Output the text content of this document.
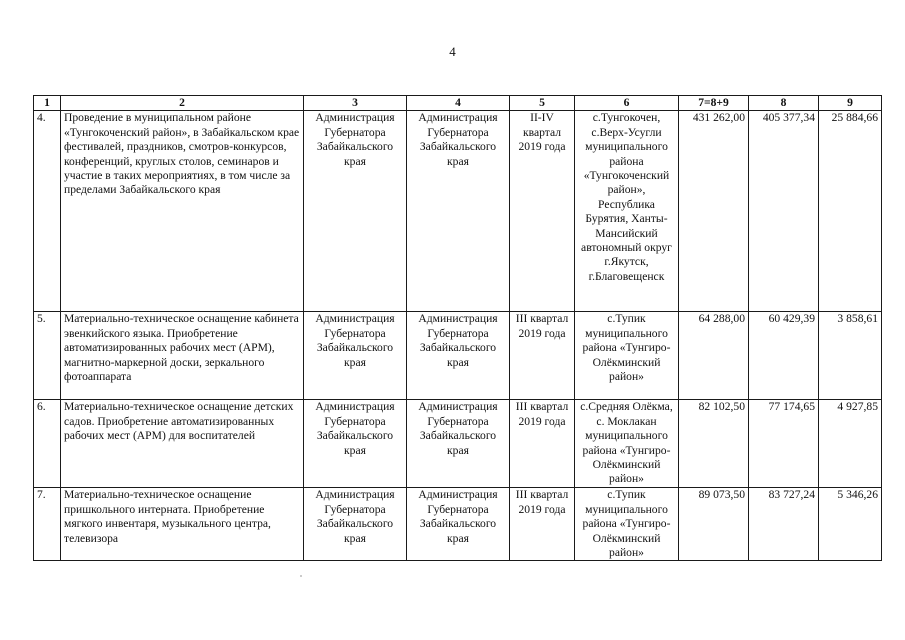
4
1	2	3	4	5	6	7=8+9	8	9
4.	Проведение в муниципальном районе «Тунгокоченский район», в Забайкальском крае фестивалей, праздников, смотров-конкурсов, конференций, круглых столов, семинаров и участие в таких мероприятиях, в том числе за пределами Забайкальского края	Администрация Губернатора Забайкальского края	Администрация Губернатора Забайкальского края	II-IV квартал 2019 года	с.Тунгокочен, с.Верх-Усугли муниципального района «Тунгокоченский район», Республика Бурятия, Ханты-Мансийский автономный округ г.Якутск, г.Благовещенск	431 262,00	405 377,34	25 884,66
5.	Материально-техническое оснащение кабинета эвенкийского языка. Приобретение автоматизированных рабочих мест (АРМ), магнитно-маркерной доски, зеркального фотоаппарата	Администрация Губернатора Забайкальского края	Администрация Губернатора Забайкальского края	III квартал 2019 года	с.Тупик муниципального района «Тунгиро-Олёкминский район»	64 288,00	60 429,39	3 858,61
6.	Материально-техническое оснащение детских садов. Приобретение автоматизированных рабочих мест (АРМ) для воспитателей	Администрация Губернатора Забайкальского края	Администрация Губернатора Забайкальского края	III квартал 2019 года	с.Средняя Олёкма, с. Моклакан муниципального района «Тунгиро-Олёкминский район»	82 102,50	77 174,65	4 927,85
7.	Материально-техническое оснащение пришкольного интерната. Приобретение мягкого инвентаря, музыкального центра, телевизора	Администрация Губернатора Забайкальского края	Администрация Губернатора Забайкальского края	III квартал 2019 года	с.Тупик муниципального района «Тунгиро-Олёкминский район»	89 073,50	83 727,24	5 346,26
